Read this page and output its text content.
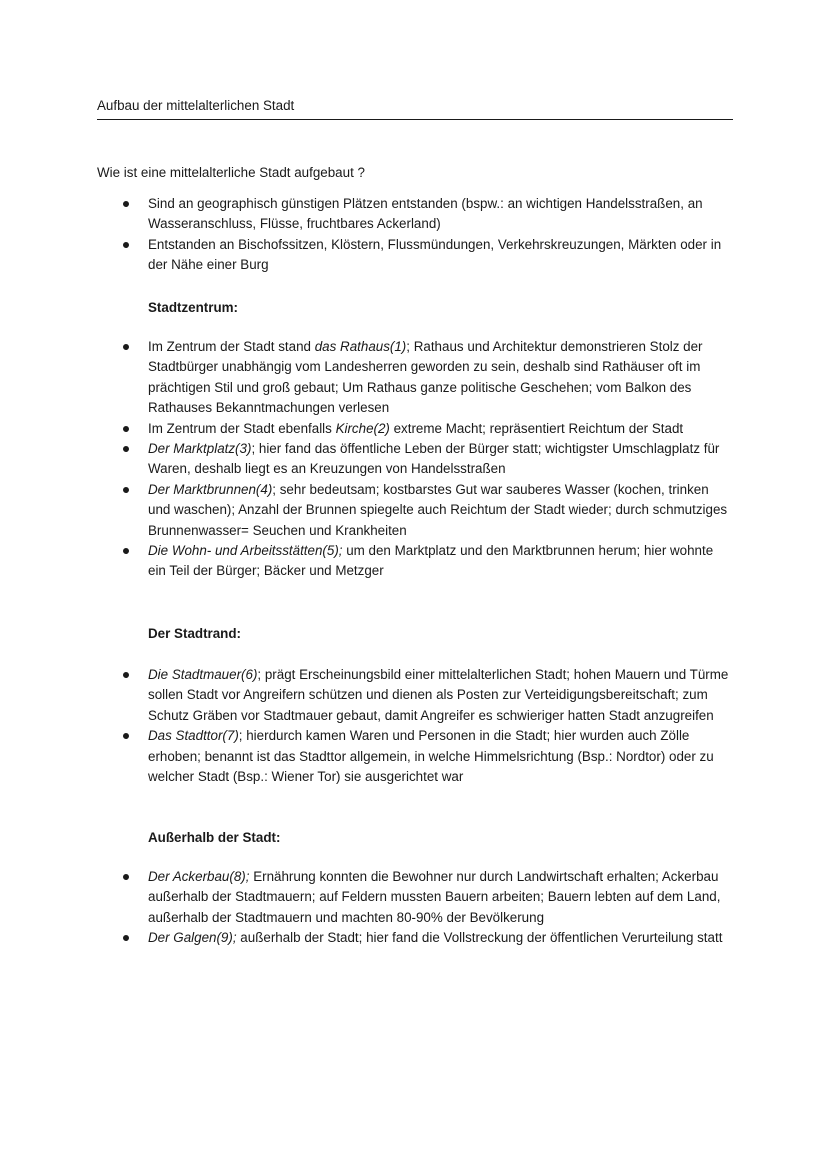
Aufbau der mittelalterlichen Stadt
Wie ist eine mittelalterliche Stadt aufgebaut ?
Sind an geographisch günstigen Plätzen entstanden (bspw.: an wichtigen Handelsstraßen, an Wasseranschluss, Flüsse, fruchtbares Ackerland)
Entstanden an Bischofssitzen, Klöstern, Flussmündungen, Verkehrskreuzungen, Märkten oder in der Nähe einer Burg
Stadtzentrum:
Im Zentrum der Stadt stand das Rathaus(1); Rathaus und Architektur demonstrieren Stolz der Stadtbürger unabhängig vom Landesherren geworden zu sein, deshalb sind Rathäuser oft im prächtigen Stil und groß gebaut; Um Rathaus ganze politische Geschehen; vom Balkon des Rathauses Bekanntmachungen verlesen
Im Zentrum der Stadt ebenfalls Kirche(2) extreme Macht; repräsentiert Reichtum der Stadt
Der Marktplatz(3); hier fand das öffentliche Leben der Bürger statt; wichtigster Umschlagplatz für Waren, deshalb liegt es an Kreuzungen von Handelsstraßen
Der Marktbrunnen(4); sehr bedeutsam; kostbarstes Gut war sauberes Wasser (kochen, trinken und waschen); Anzahl der Brunnen spiegelte auch Reichtum der Stadt wieder; durch schmutziges Brunnenwasser= Seuchen und Krankheiten
Die Wohn- und Arbeitsstätten(5); um den Marktplatz und den Marktbrunnen herum; hier wohnte ein Teil der Bürger; Bäcker und Metzger
Der Stadtrand:
Die Stadtmauer(6); prägt Erscheinungsbild einer mittelalterlichen Stadt; hohen Mauern und Türme sollen Stadt vor Angreifern schützen und dienen als Posten zur Verteidigungsbereitschaft; zum Schutz Gräben vor Stadtmauer gebaut, damit Angreifer es schwieriger hatten Stadt anzugreifen
Das Stadttor(7); hierdurch kamen Waren und Personen in die Stadt; hier wurden auch Zölle erhoben; benannt ist das Stadttor allgemein, in welche Himmelsrichtung (Bsp.: Nordtor) oder zu welcher Stadt (Bsp.: Wiener Tor) sie ausgerichtet war
Außerhalb der Stadt:
Der Ackerbau(8); Ernährung konnten die Bewohner nur durch Landwirtschaft erhalten; Ackerbau außerhalb der Stadtmauern; auf Feldern mussten Bauern arbeiten; Bauern lebten auf dem Land, außerhalb der Stadtmauern und machten 80-90% der Bevölkerung
Der Galgen(9); außerhalb der Stadt; hier fand die Vollstreckung der öffentlichen Verurteilung statt
